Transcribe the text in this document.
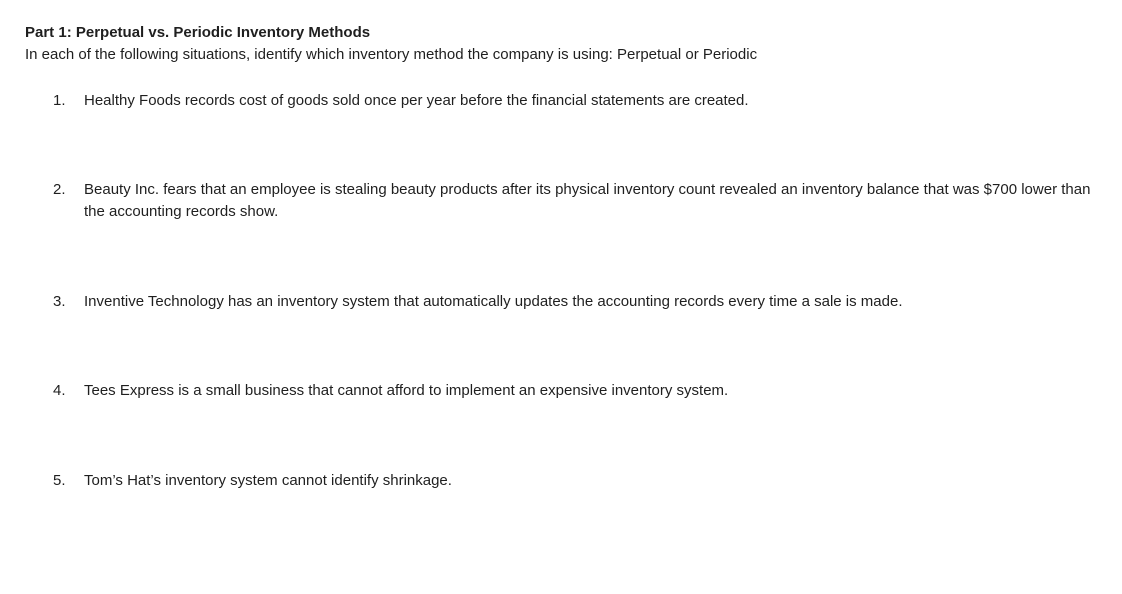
Part 1: Perpetual vs. Periodic Inventory Methods
In each of the following situations, identify which inventory method the company is using: Perpetual or Periodic
1. Healthy Foods records cost of goods sold once per year before the financial statements are created.
2. Beauty Inc. fears that an employee is stealing beauty products after its physical inventory count revealed an inventory balance that was $700 lower than the accounting records show.
3. Inventive Technology has an inventory system that automatically updates the accounting records every time a sale is made.
4. Tees Express is a small business that cannot afford to implement an expensive inventory system.
5. Tom’s Hat’s inventory system cannot identify shrinkage.
